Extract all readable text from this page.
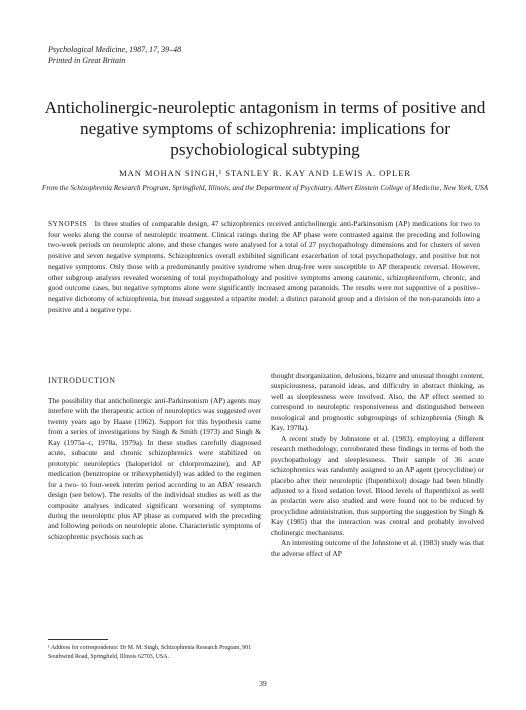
Psychological Medicine, 1987, 17, 39–48
Printed in Great Britain
Anticholinergic-neuroleptic antagonism in terms of positive and negative symptoms of schizophrenia: implications for psychobiological subtyping
MAN MOHAN SINGH,¹ STANLEY R. KAY AND LEWIS A. OPLER
From the Schizophrenia Research Program, Springfield, Illinois, and the Department of Psychiatry, Albert Einstein College of Medicine, New York, USA
SYNOPSIS In three studies of comparable design, 47 schizophrenics received anticholinergic anti-Parkinsonism (AP) medications for two to four weeks along the course of neuroleptic treatment. Clinical ratings during the AP phase were contrasted against the preceding and following two-week periods on neuroleptic alone, and these changes were analysed for a total of 27 psychopathology dimensions and for clusters of seven positive and seven negative symptoms. Schizophrenics overall exhibited significant exacerbation of total psychopathology, and positive but not negative symptoms. Only those with a predominantly positive syndrome when drug-free were susceptible to AP therapeutic reversal. However, other subgroup analyses revealed worsening of total psychopathology and positive symptoms among catatonic, schizophreniform, chronic, and good outcome cases, but negative symptoms alone were significantly increased among paranoids. The results were not supportive of a positive–negative dichotomy of schizophrenia, but instead suggested a tripartite model: a distinct paranoid group and a division of the non-paranoids into a positive and a negative type.
INTRODUCTION

The possibility that anticholinergic anti-Parkinsonism (AP) agents may interfere with the therapeutic action of neuroleptics was suggested over twenty years ago by Haase (1962). Support for this hypothesis came from a series of investigations by Singh & Smith (1973) and Singh & Kay (1975a–c, 1978a, 1979a). In these studies carefully diagnosed acute, subacute and chronic schizophrenics were stabilized on prototypic neuroleptics (haloperidol or chlorpromazine), and AP medication (benztropine or trihexyphenidyl) was added to the regimen for a two- to four-week interim period according to an ABA’ research design (see below). The results of the individual studies as well as the composite analyses indicated significant worsening of symptoms during the neuroleptic plus AP phase as compared with the preceding and following periods on neuroleptic alone. Characteristic symptoms of schizophrenic psychosis such as

thought disorganization, delusions, bizarre and unusual thought content, suspiciousness, paranoid ideas, and difficulty in abstract thinking, as well as sleeplessness were involved. Also, the AP effect seemed to correspond to neuroleptic responsiveness and distinguished between nosological and prognostic subgroupings of schizophrenia (Singh & Kay, 1978a).

A recent study by Johnstone et al. (1983), employing a different research methodology, corroborated these findings in terms of both the psychopathology and sleeplessness. Their sample of 36 acute schizophrenics was randomly assigned to an AP agent (procyclidine) or placebo after their neuroleptic (flupenthixol) dosage had been blindly adjusted to a fixed sedation level. Blood levels of flupenthixol as well as prolactin were also studied and were found not to be reduced by procyclidine administration, thus supporting the suggestion by Singh & Kay (1985) that the interaction was central and probably involved cholinergic mechanisms.

An interesting outcome of the Johnstone et al. (1983) study was that the adverse effect of AP

¹ Address for correspondence: Dr M. M. Singh, Schizophrenia Research Program, 901 Southwind Road, Springfield, Illinois 62703, USA.
39
